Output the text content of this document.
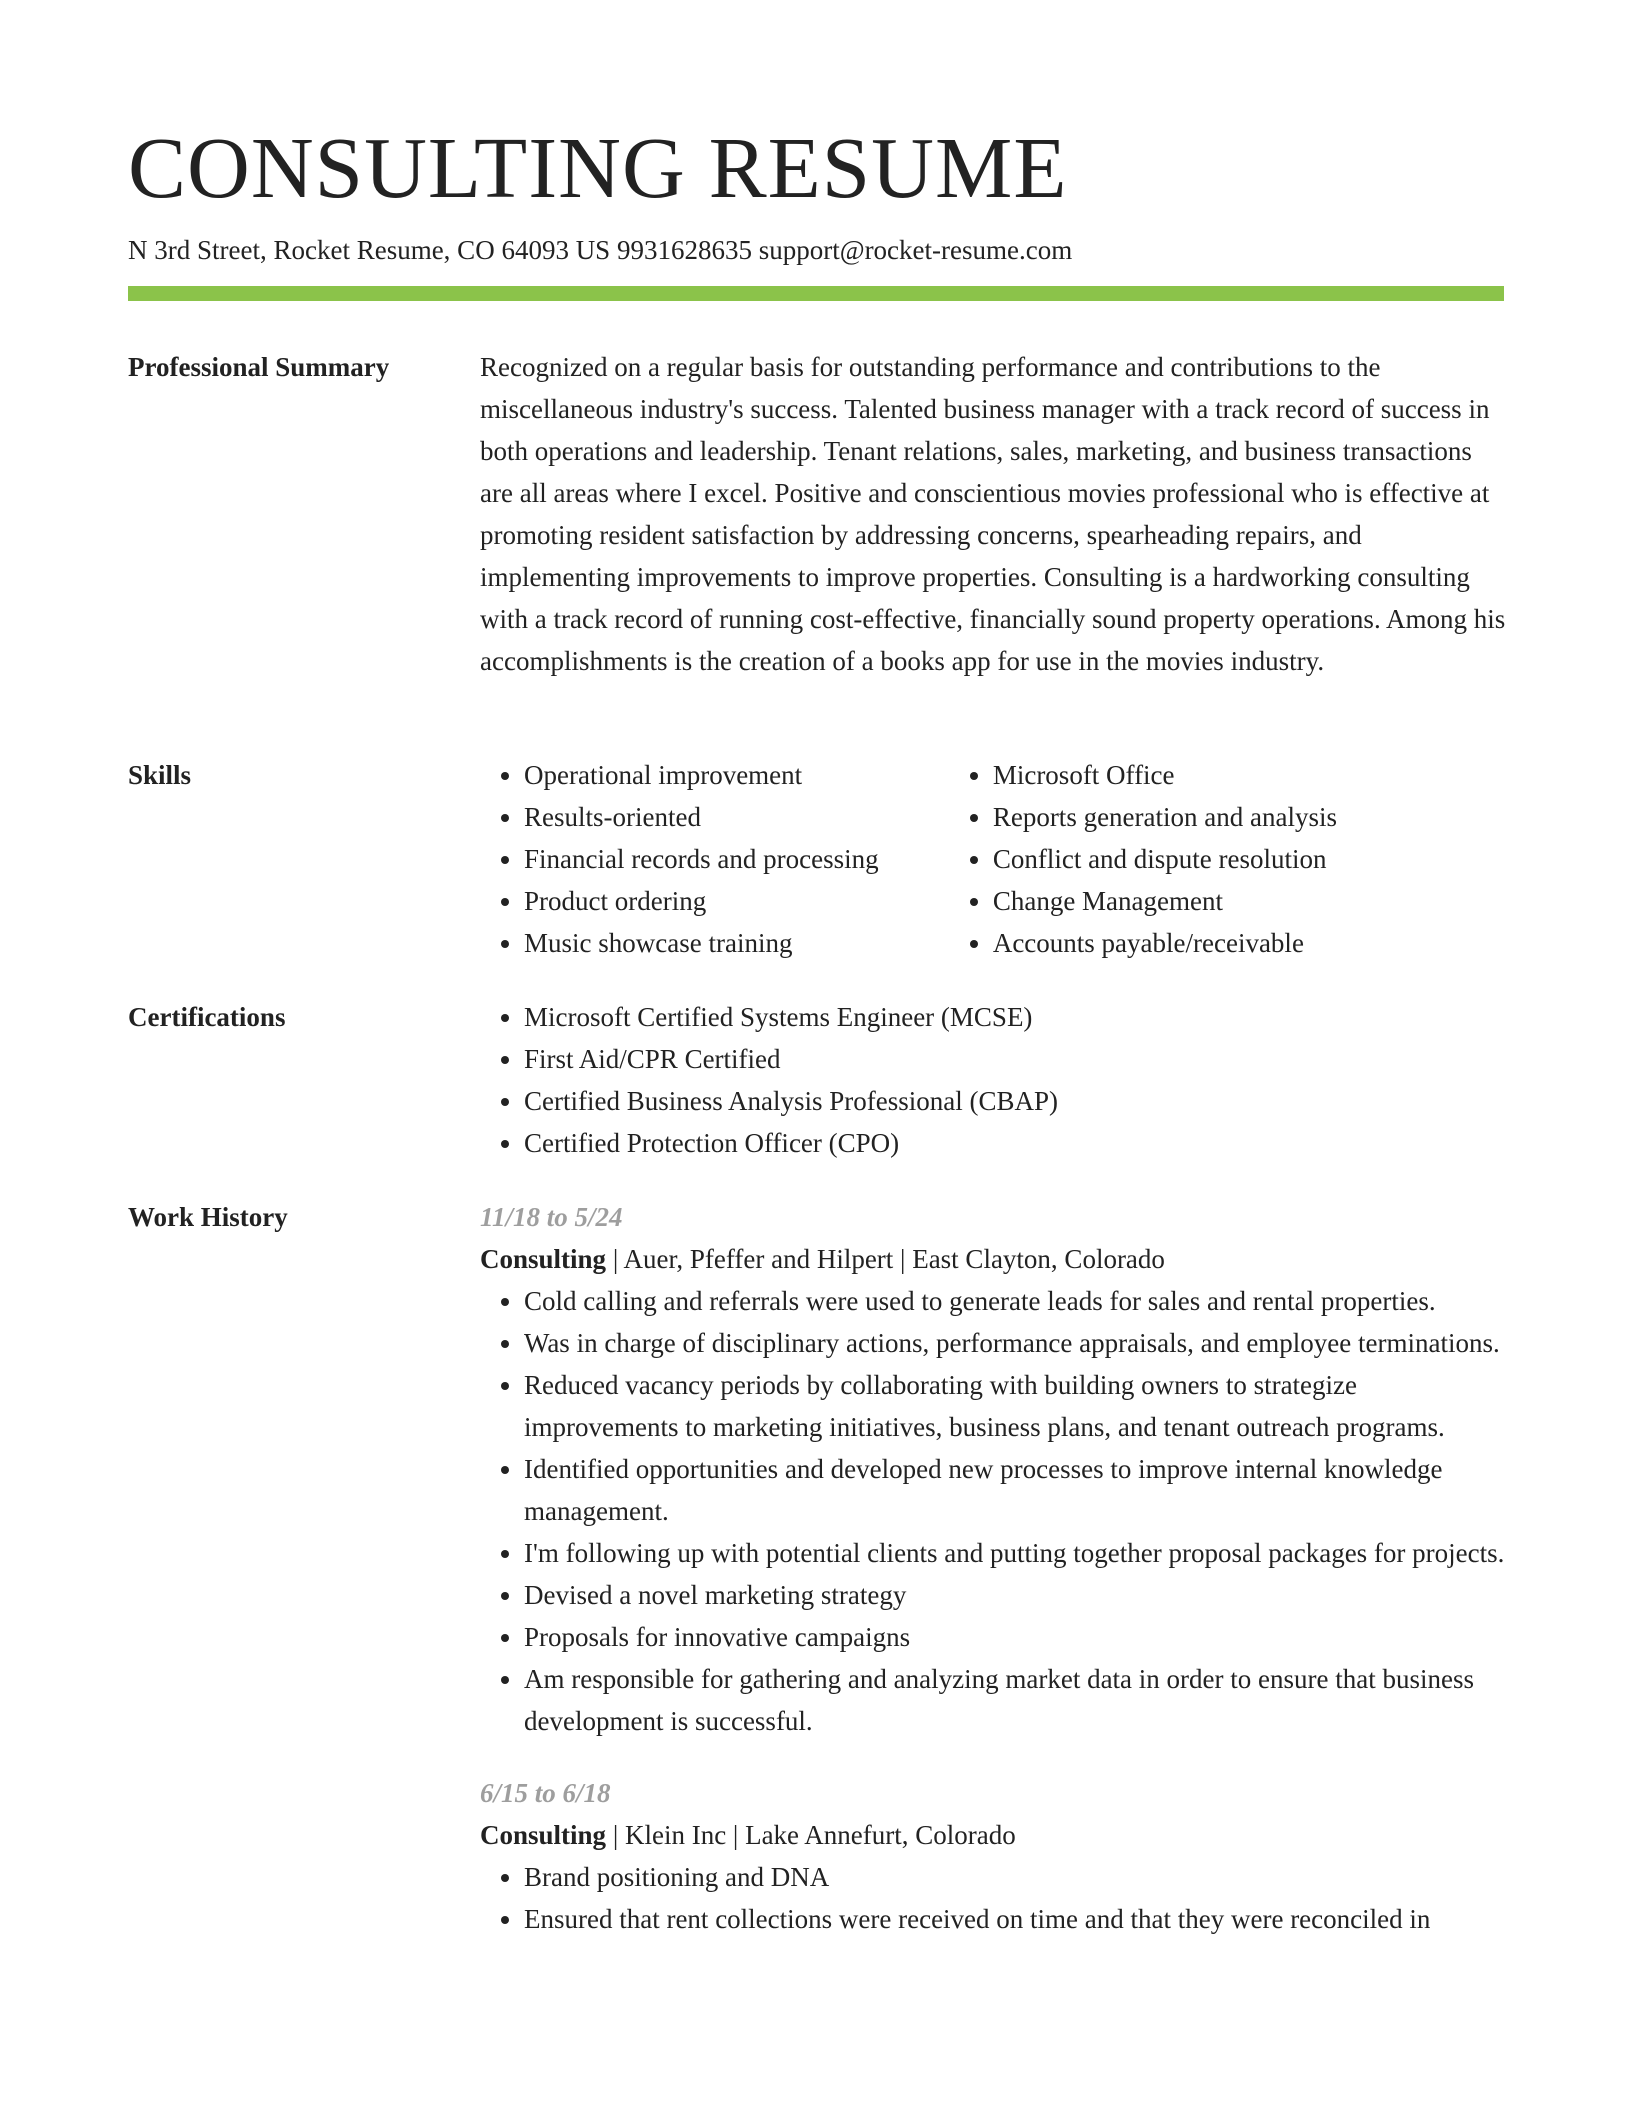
CONSULTING RESUME
N 3rd Street, Rocket Resume, CO 64093 US 9931628635 support@rocket-resume.com
Professional Summary	Recognized on a regular basis for outstanding performance and contributions to the miscellaneous industry's success. Talented business manager with a track record of success in both operations and leadership. Tenant relations, sales, marketing, and business transactions are all areas where I excel. Positive and conscientious movies professional who is effective at promoting resident satisfaction by addressing concerns, spearheading repairs, and implementing improvements to improve properties. Consulting is a hardworking consulting with a track record of running cost-effective, financially sound property operations. Among his accomplishments is the creation of a books app for use in the movies industry.

Skills	• Operational improvement
• Results-oriented
• Financial records and processing
• Product ordering
• Music showcase training
• Microsoft Office
• Reports generation and analysis
• Conflict and dispute resolution
• Change Management
• Accounts payable/receivable
Certifications	• Microsoft Certified Systems Engineer (MCSE)
• First Aid/CPR Certified
• Certified Business Analysis Professional (CBAP)
• Certified Protection Officer (CPO)
Work History	11/18 to 5/24
Consulting | Auer, Pfeffer and Hilpert | East Clayton, Colorado
• Cold calling and referrals were used to generate leads for sales and rental properties.
• Was in charge of disciplinary actions, performance appraisals, and employee terminations.
• Reduced vacancy periods by collaborating with building owners to strategize improvements to marketing initiatives, business plans, and tenant outreach programs.
• Identified opportunities and developed new processes to improve internal knowledge management.
• I'm following up with potential clients and putting together proposal packages for projects.
• Devised a novel marketing strategy
• Proposals for innovative campaigns
• Am responsible for gathering and analyzing market data in order to ensure that business development is successful.
6/15 to 6/18
Consulting | Klein Inc | Lake Annefurt, Colorado
• Brand positioning and DNA
• Ensured that rent collections were received on time and that they were reconciled in
